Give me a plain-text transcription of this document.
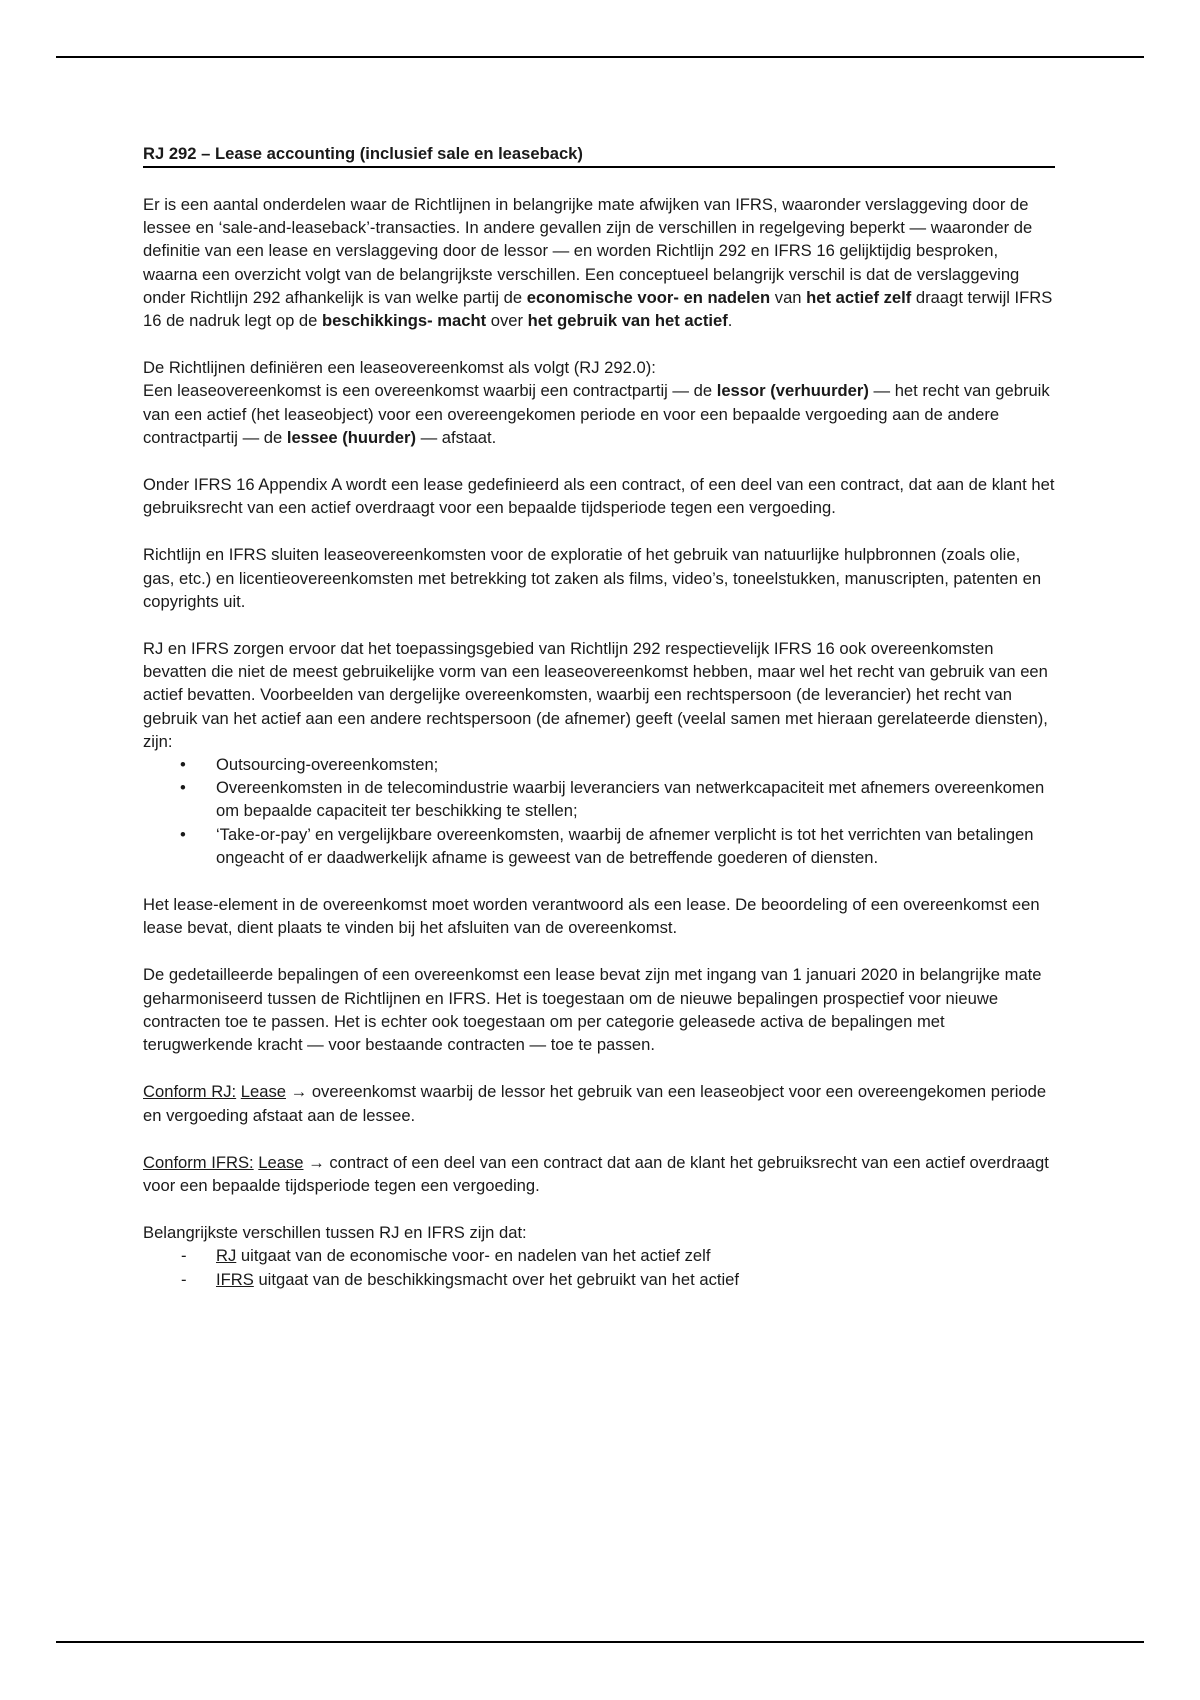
RJ 292 – Lease accounting (inclusief sale en leaseback)

Er is een aantal onderdelen waar de Richtlijnen in belangrijke mate afwijken van IFRS, waaronder verslaggeving door de lessee en ‘sale-and-leaseback’-transacties. In andere gevallen zijn de verschillen in regelgeving beperkt — waaronder de definitie van een lease en verslaggeving door de lessor — en worden Richtlijn 292 en IFRS 16 gelijktijdig besproken, waarna een overzicht volgt van de belangrijkste verschillen. Een conceptueel belangrijk verschil is dat de verslaggeving onder Richtlijn 292 afhankelijk is van welke partij de economische voor- en nadelen van het actief zelf draagt terwijl IFRS 16 de nadruk legt op de beschikkings- macht over het gebruik van het actief.

De Richtlijnen definiëren een leaseovereenkomst als volgt (RJ 292.0):
Een leaseovereenkomst is een overeenkomst waarbij een contractpartij — de lessor (verhuurder) — het recht van gebruik van een actief (het leaseobject) voor een overeengekomen periode en voor een bepaalde vergoeding aan de andere contractpartij — de lessee (huurder) — afstaat.

Onder IFRS 16 Appendix A wordt een lease gedefinieerd als een contract, of een deel van een contract, dat aan de klant het gebruiksrecht van een actief overdraagt voor een bepaalde tijdsperiode tegen een vergoeding.

Richtlijn en IFRS sluiten leaseovereenkomsten voor de exploratie of het gebruik van natuurlijke hulpbronnen (zoals olie, gas, etc.) en licentieovereenkomsten met betrekking tot zaken als films, video’s, toneelstukken, manuscripten, patenten en copyrights uit.

RJ en IFRS zorgen ervoor dat het toepassingsgebied van Richtlijn 292 respectievelijk IFRS 16 ook overeenkomsten bevatten die niet de meest gebruikelijke vorm van een leaseovereenkomst hebben, maar wel het recht van gebruik van een actief bevatten. Voorbeelden van dergelijke overeenkomsten, waarbij een rechtspersoon (de leverancier) het recht van gebruik van het actief aan een andere rechtspersoon (de afnemer) geeft (veelal samen met hieraan gerelateerde diensten), zijn:

• Outsourcing-overeenkomsten;
• Overeenkomsten in de telecomindustrie waarbij leveranciers van netwerkcapaciteit met afnemers overeenkomen om bepaalde capaciteit ter beschikking te stellen;
• ‘Take-or-pay’ en vergelijkbare overeenkomsten, waarbij de afnemer verplicht is tot het verrichten van betalingen ongeacht of er daadwerkelijk afname is geweest van de betreffende goederen of diensten.

Het lease-element in de overeenkomst moet worden verantwoord als een lease. De beoordeling of een overeenkomst een lease bevat, dient plaats te vinden bij het afsluiten van de overeenkomst.

De gedetailleerde bepalingen of een overeenkomst een lease bevat zijn met ingang van 1 januari 2020 in belangrijke mate geharmoniseerd tussen de Richtlijnen en IFRS. Het is toegestaan om de nieuwe bepalingen prospectief voor nieuwe contracten toe te passen. Het is echter ook toegestaan om per categorie geleasede activa de bepalingen met terugwerkende kracht — voor bestaande contracten — toe te passen.

Conform RJ: Lease → overeenkomst waarbij de lessor het gebruik van een leaseobject voor een overeengekomen periode en vergoeding afstaat aan de lessee.

Conform IFRS: Lease → contract of een deel van een contract dat aan de klant het gebruiksrecht van een actief overdraagt voor een bepaalde tijdsperiode tegen een vergoeding.

Belangrijkste verschillen tussen RJ en IFRS zijn dat:

- RJ uitgaat van de economische voor- en nadelen van het actief zelf
- IFRS uitgaat van de beschikkingsmacht over het gebruikt van het actief
